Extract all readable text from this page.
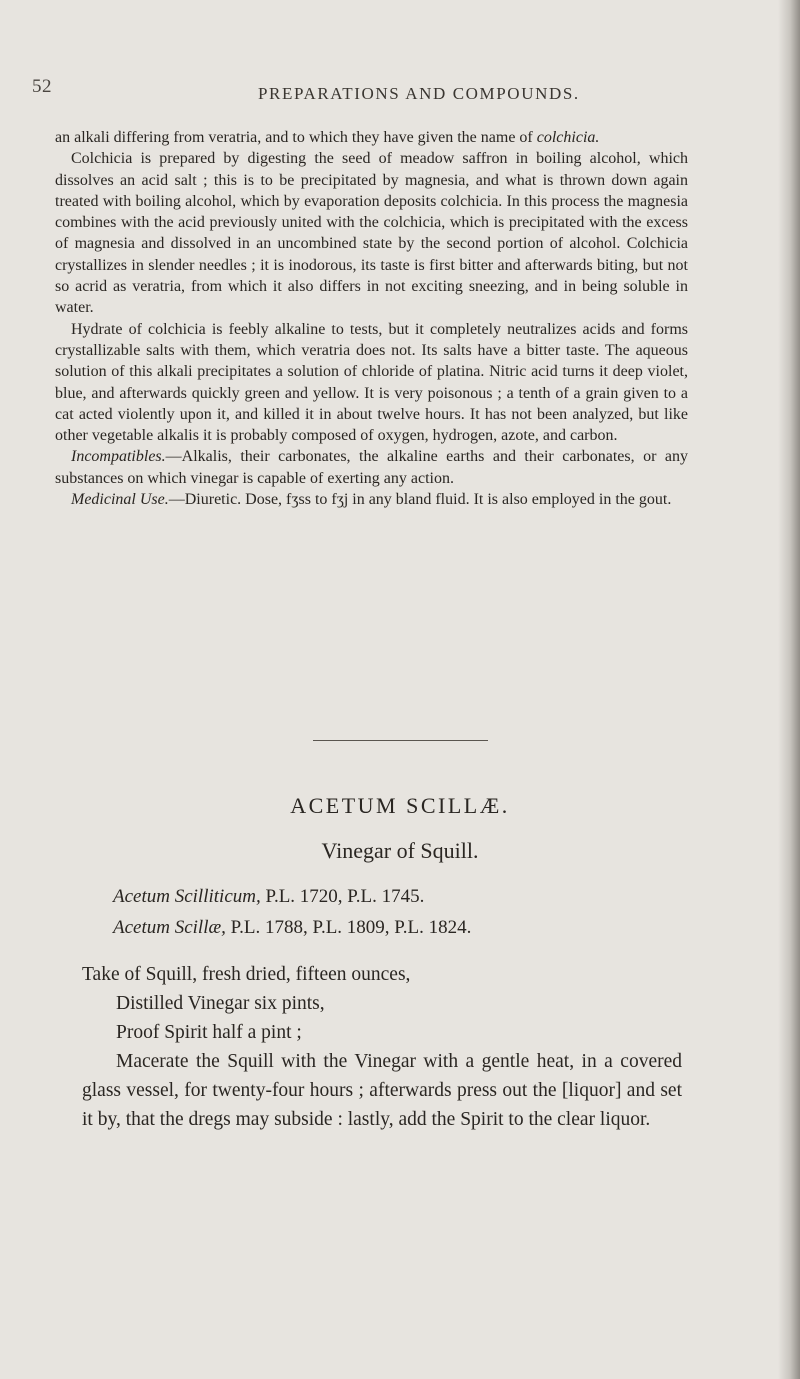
52	PREPARATIONS AND COMPOUNDS.

an alkali differing from veratria, and to which they have given the name of colchicia.

Colchicia is prepared by digesting the seed of meadow saffron in boiling alcohol, which dissolves an acid salt ; this is to be precipitated by magnesia, and what is thrown down again treated with boiling alcohol, which by evaporation deposits colchicia. In this process the magnesia combines with the acid previously united with the colchicia, which is precipitated with the excess of magnesia and dissolved in an uncombined state by the second portion of alcohol. Colchicia crystallizes in slender needles ; it is inodorous, its taste is first bitter and afterwards biting, but not so acrid as veratria, from which it also differs in not exciting sneezing, and in being soluble in water.

Hydrate of colchicia is feebly alkaline to tests, but it completely neutralizes acids and forms crystallizable salts with them, which veratria does not. Its salts have a bitter taste. The aqueous solution of this alkali precipitates a solution of chloride of platina. Nitric acid turns it deep violet, blue, and afterwards quickly green and yellow. It is very poisonous ; a tenth of a grain given to a cat acted violently upon it, and killed it in about twelve hours. It has not been analyzed, but like other vegetable alkalis it is probably composed of oxygen, hydrogen, azote, and carbon.

Incompatibles.—Alkalis, their carbonates, the alkaline earths and their carbonates, or any substances on which vinegar is capable of exerting any action.

Medicinal Use.—Diuretic. Dose, fʒss to fʒj in any bland fluid. It is also employed in the gout.

ACETUM SCILLÆ.
Vinegar of Squill.
Acetum Scilliticum, P.L. 1720, P.L. 1745.
Acetum Scillæ, P.L. 1788, P.L. 1809, P.L. 1824.

Take of Squill, fresh dried, fifteen ounces,

Distilled Vinegar six pints,

Proof Spirit half a pint ;

Macerate the Squill with the Vinegar with a gentle heat, in a covered glass vessel, for twenty-four hours ; afterwards press out the [liquor] and set it by, that the dregs may subside : lastly, add the Spirit to the clear liquor.
